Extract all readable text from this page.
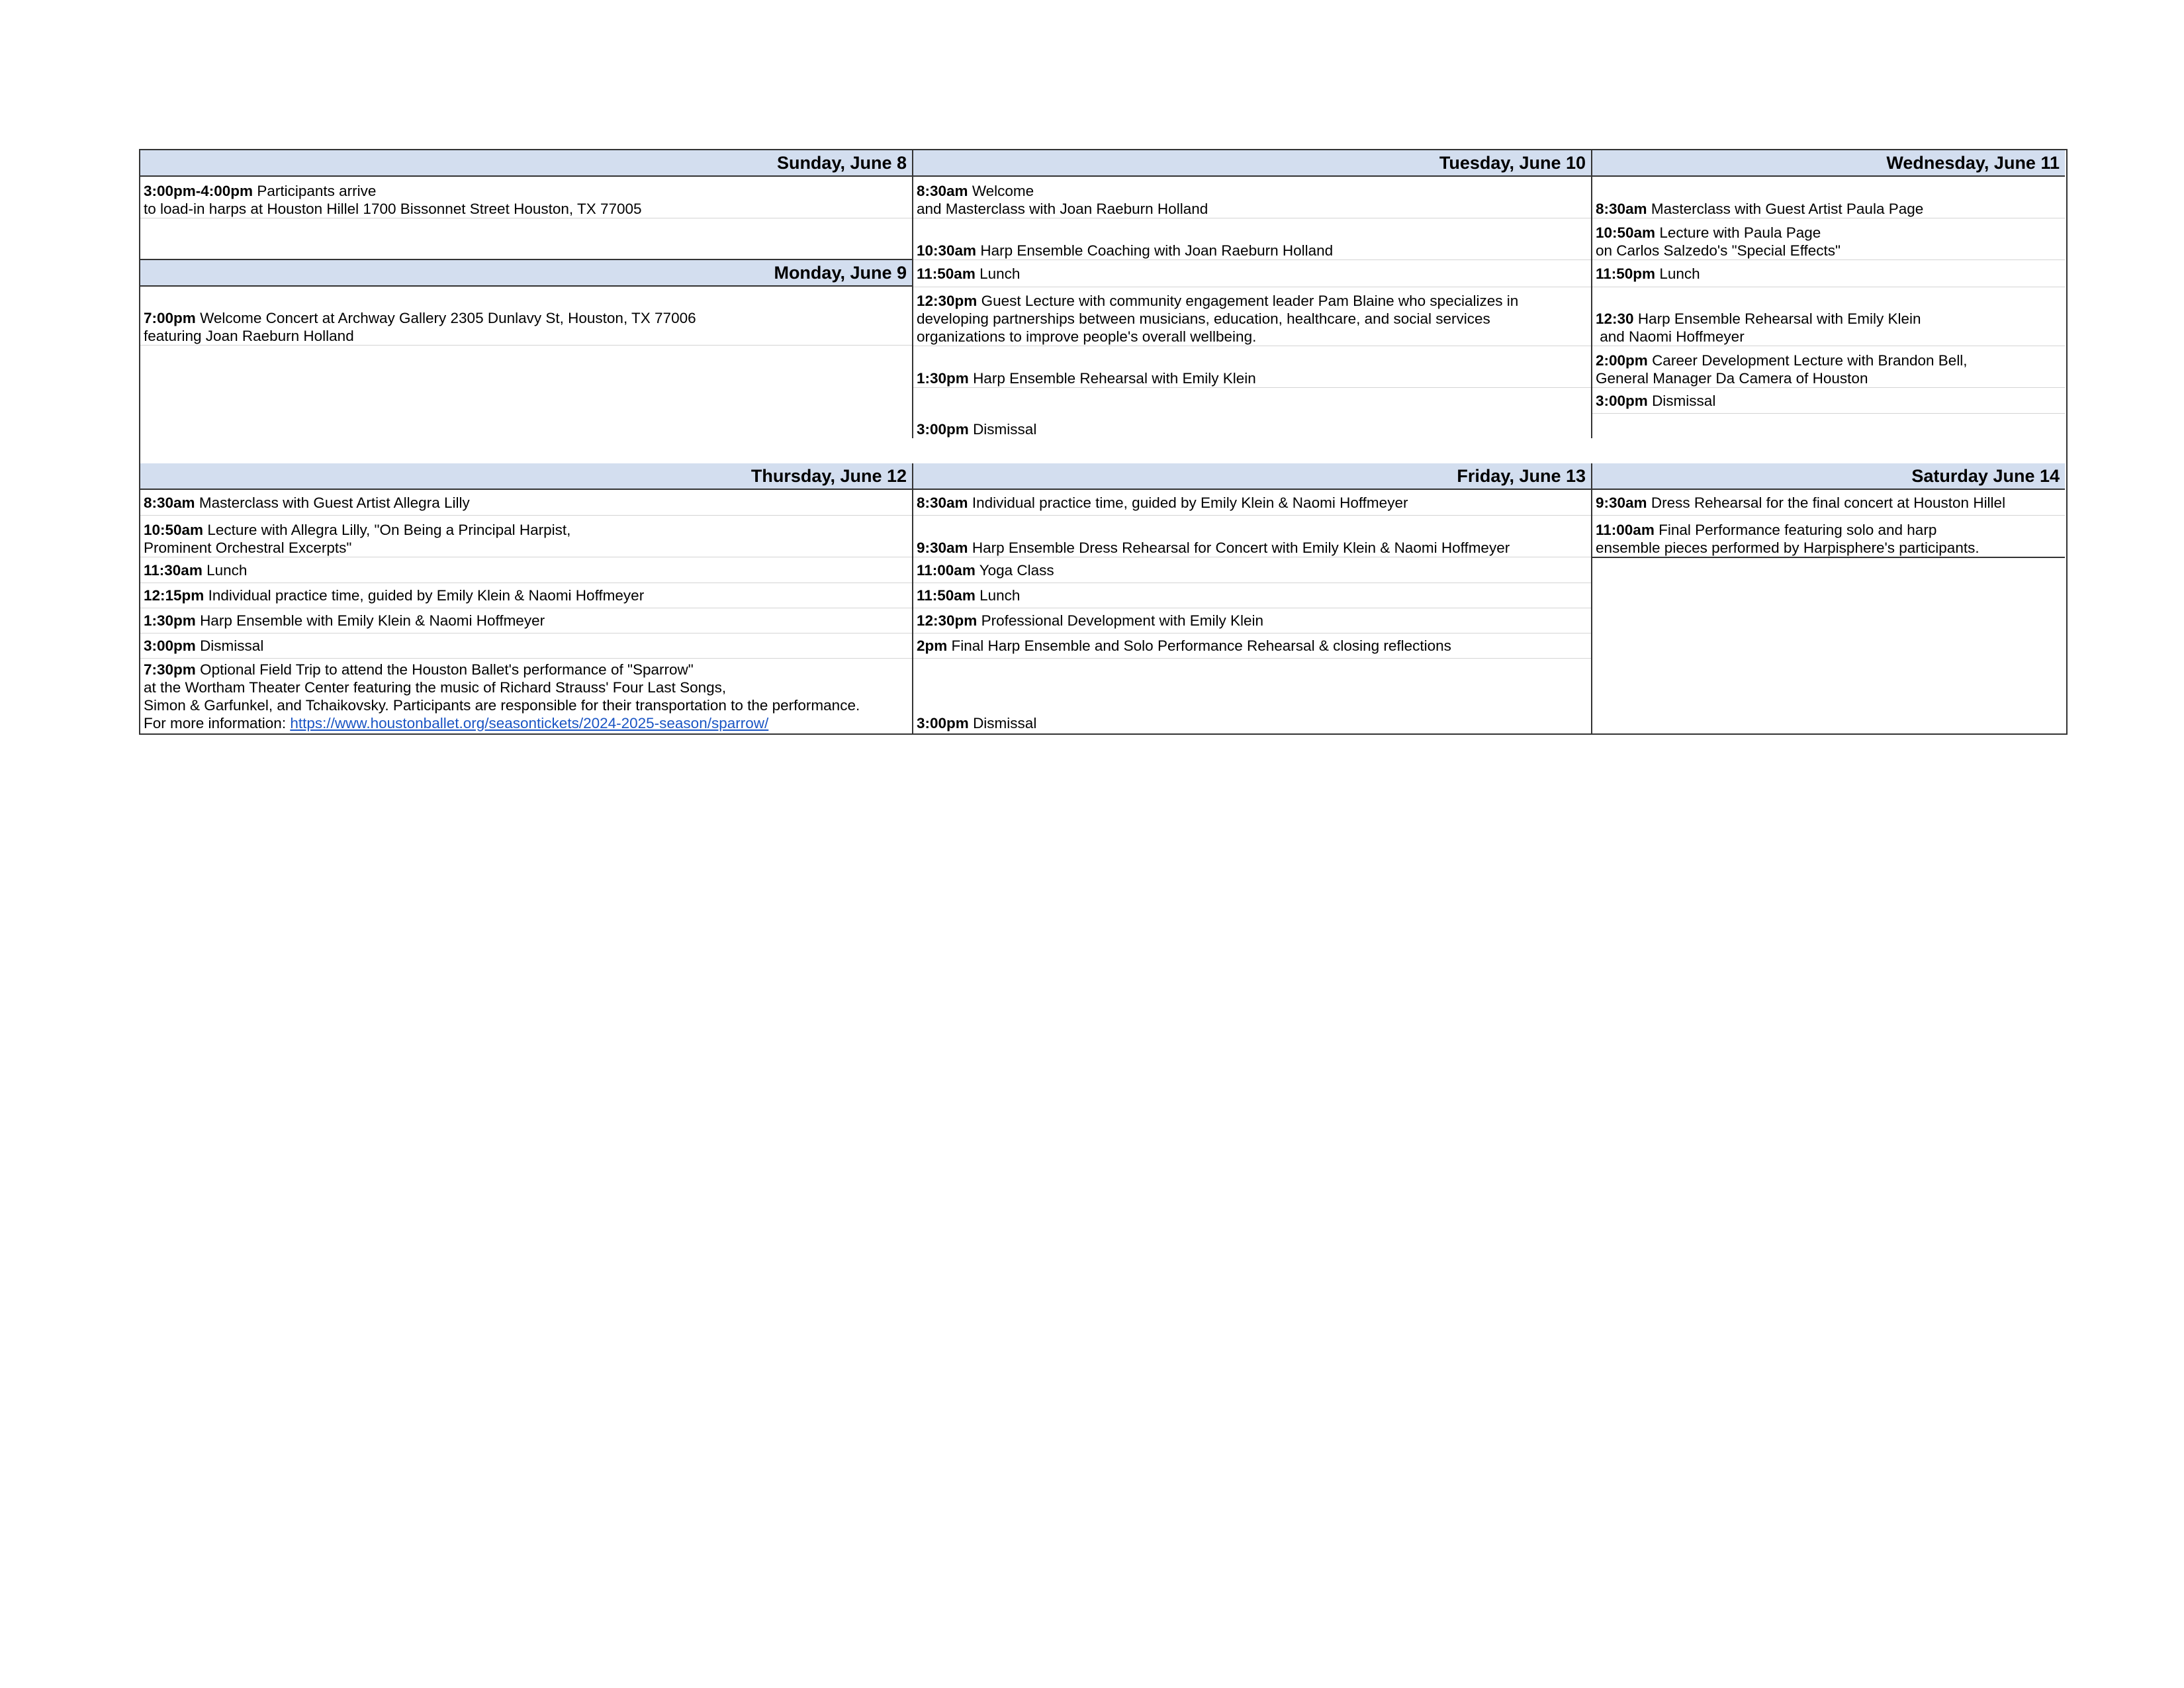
Sunday, June 8
3:00pm-4:00pm Participants arrive
to load-in harps at Houston Hillel 1700 Bissonnet Street Houston, TX 77005
Monday, June 9
7:00pm Welcome Concert at Archway Gallery 2305 Dunlavy St, Houston, TX 77006
featuring Joan Raeburn Holland
Tuesday, June 10
8:30am Welcome
and Masterclass with Joan Raeburn Holland
10:30am Harp Ensemble Coaching with Joan Raeburn Holland
11:50am Lunch
12:30pm Guest Lecture with community engagement leader Pam Blaine who specializes in
developing partnerships between musicians, education, healthcare, and social services
organizations to improve people's overall wellbeing.
1:30pm Harp Ensemble Rehearsal with Emily Klein
3:00pm Dismissal
Wednesday, June 11
8:30am Masterclass with Guest Artist Paula Page
10:50am Lecture with Paula Page
on Carlos Salzedo's "Special Effects"
11:50pm Lunch
12:30 Harp Ensemble Rehearsal with Emily Klein
and Naomi Hoffmeyer
2:00pm Career Development Lecture with Brandon Bell,
General Manager Da Camera of Houston
3:00pm Dismissal
Thursday, June 12
8:30am Masterclass with Guest Artist Allegra Lilly
10:50am Lecture with Allegra Lilly, "On Being a Principal Harpist,
Prominent Orchestral Excerpts"
11:30am Lunch
12:15pm Individual practice time, guided by Emily Klein & Naomi Hoffmeyer
1:30pm Harp Ensemble with Emily Klein & Naomi Hoffmeyer
3:00pm Dismissal
7:30pm Optional Field Trip to attend the Houston Ballet's performance of "Sparrow"
at the Wortham Theater Center featuring the music of Richard Strauss' Four Last Songs,
Simon & Garfunkel, and Tchaikovsky. Participants are responsible for their transportation to the performance.
For more information: https://www.houstonballet.org/seasontickets/2024-2025-season/sparrow/
Friday, June 13
8:30am Individual practice time, guided by Emily Klein & Naomi Hoffmeyer
9:30am Harp Ensemble Dress Rehearsal for Concert with Emily Klein & Naomi Hoffmeyer
11:00am Yoga Class
11:50am Lunch
12:30pm Professional Development with Emily Klein
2pm Final Harp Ensemble and Solo Performance Rehearsal & closing reflections
3:00pm Dismissal
Saturday June 14
9:30am Dress Rehearsal for the final concert at Houston Hillel
11:00am Final Performance featuring solo and harp
ensemble pieces performed by Harpisphere's participants.
